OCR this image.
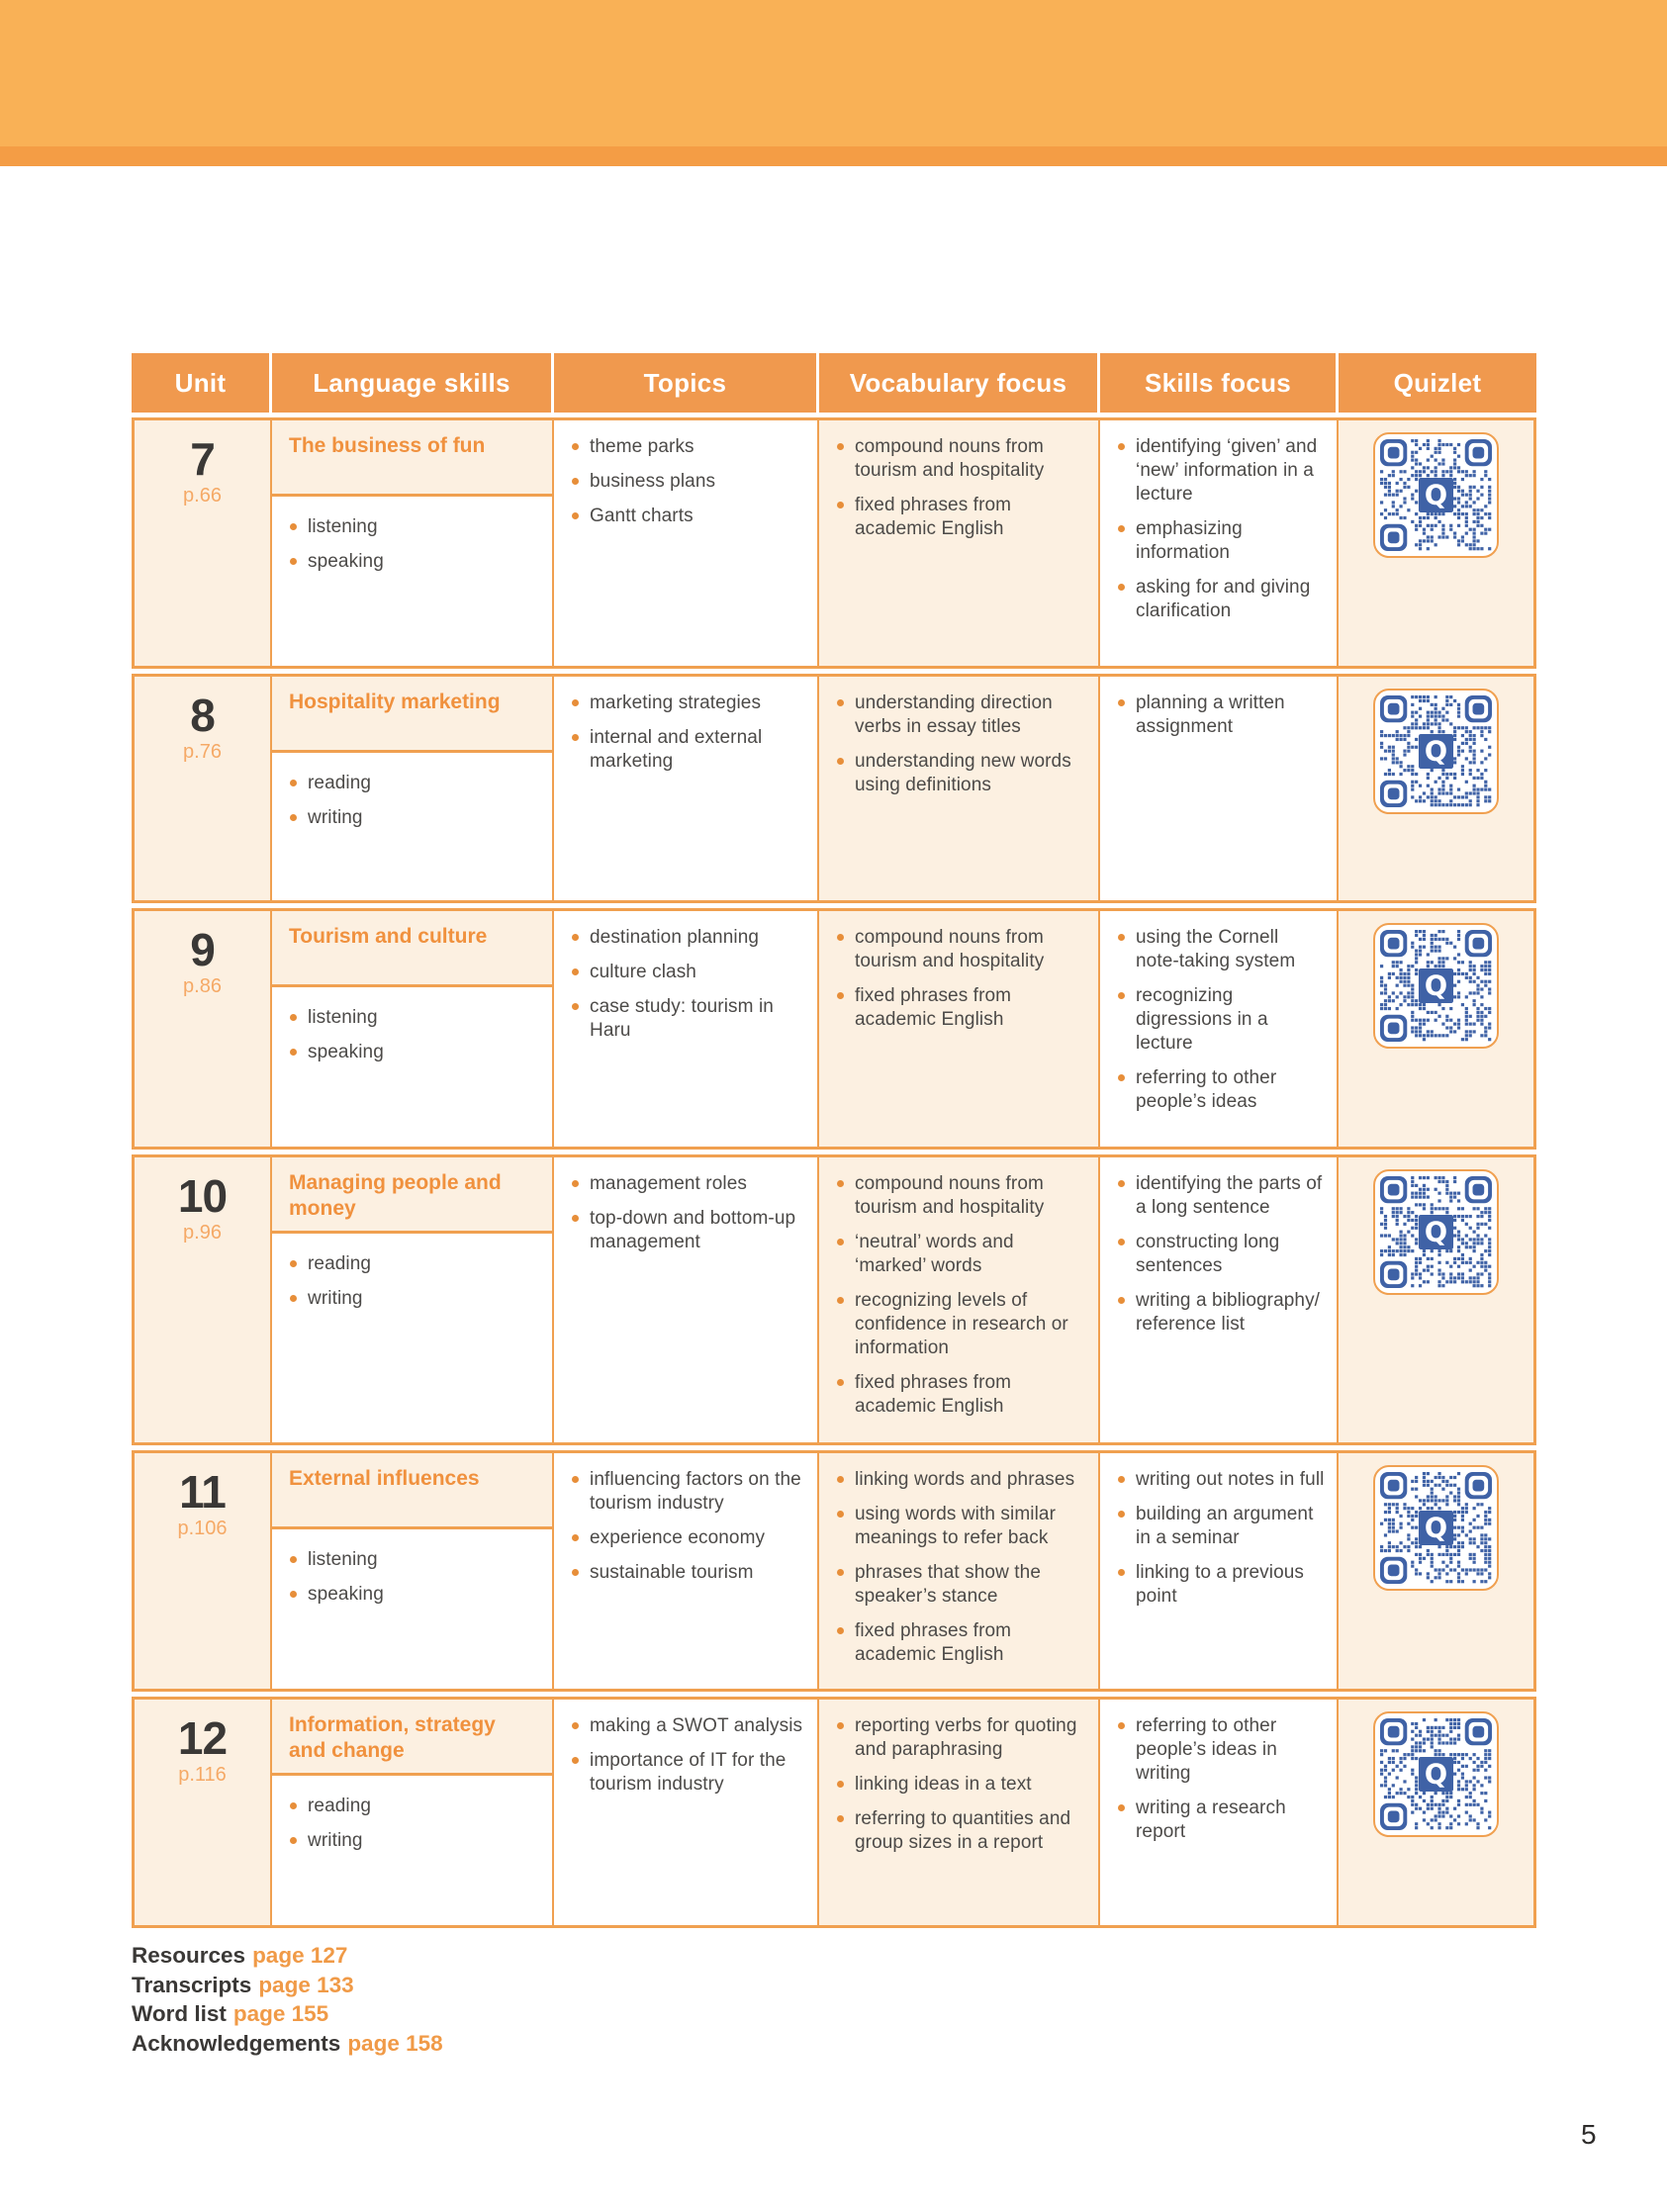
Unit	Language skills	Topics	Vocabulary focus	Skills focus	Quizlet

7
p.66

The business of fun
listening
speaking

theme parks
business plans
Gantt charts

compound nouns from tourism and hospitality
fixed phrases from academic English

identifying ‘given’ and ‘new’ information in a lecture
emphasizing information
asking for and giving clarification

Q

8
p.76

Hospitality marketing
reading
writing

marketing strategies
internal and external marketing

understanding direction verbs in essay titles
understanding new words using definitions

planning a written assignment

Q

9
p.86

Tourism and culture
listening
speaking

destination planning
culture clash
case study: tourism in Haru

compound nouns from tourism and hospitality
fixed phrases from academic English

using the Cornell note-taking system
recognizing digressions in a lecture
referring to other people’s ideas

Q

10
p.96

Managing people and money
reading
writing

management roles
top-down and bottom-up management

compound nouns from tourism and hospitality
‘neutral’ words and ‘marked’ words
recognizing levels of confidence in research or information
fixed phrases from academic English

identifying the parts of a long sentence
constructing long sentences
writing a bibliography/ reference list

Q

11
p.106

External influences
listening
speaking

influencing factors on the tourism industry
experience economy
sustainable tourism

linking words and phrases
using words with similar meanings to refer back
phrases that show the speaker’s stance
fixed phrases from academic English

writing out notes in full
building an argument in a seminar
linking to a previous point

Q

12
p.116

Information, strategy and change
reading
writing

making a SWOT analysis
importance of IT for the tourism industry

reporting verbs for quoting and paraphrasing
linking ideas in a text
referring to quantities and group sizes in a report

referring to other people’s ideas in writing
writing a research report

Q
Resources page 127
Transcripts page 133
Word list page 155
Acknowledgements page 158
5
